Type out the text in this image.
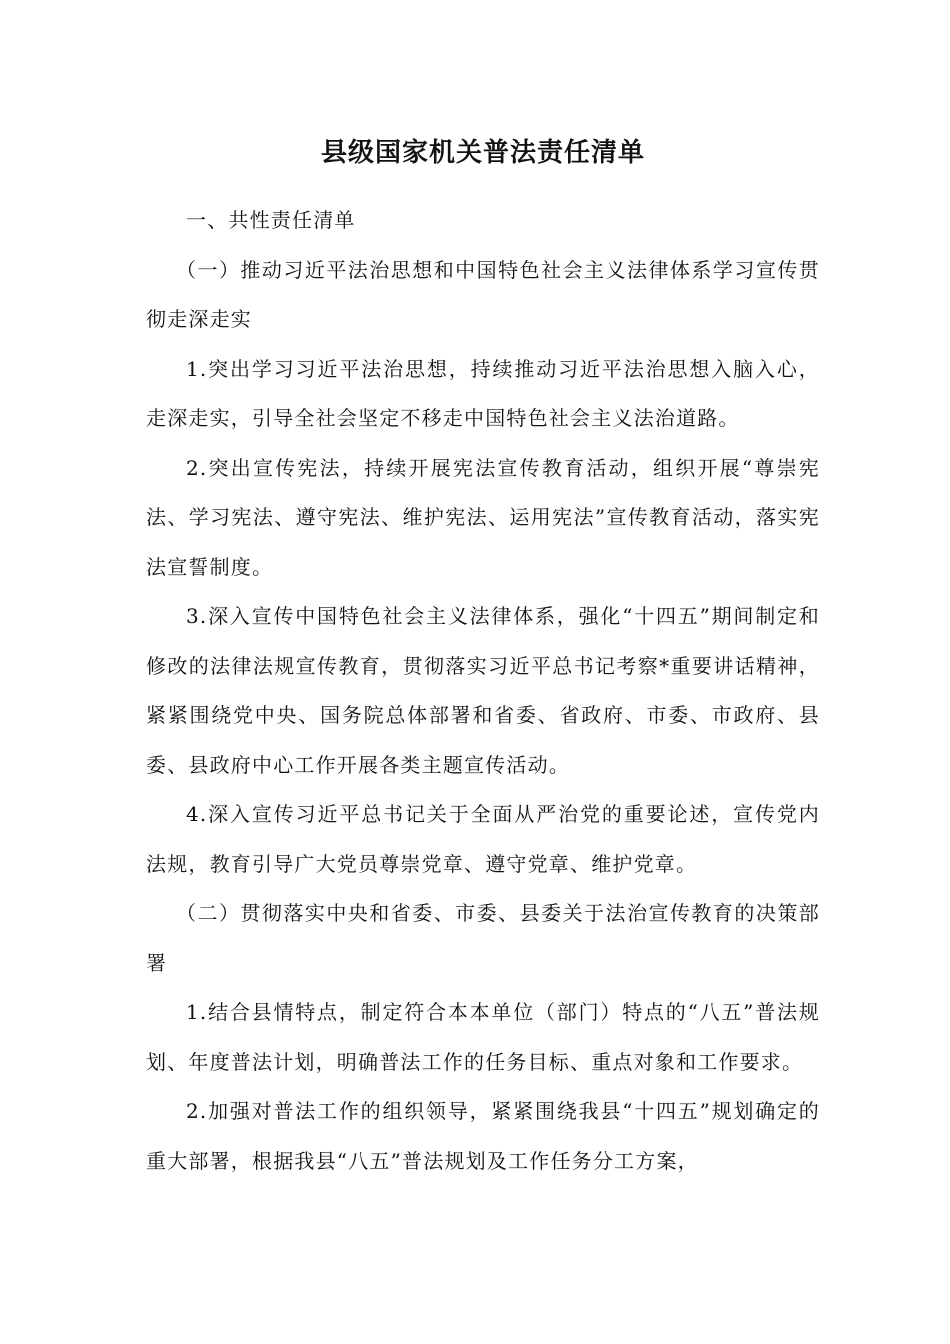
县级国家机关普法责任清单

一、共性责任清单

（一）推动习近平法治思想和中国特色社会主义法律体系学习宣传贯彻走深走实

1.突出学习习近平法治思想，持续推动习近平法治思想入脑入心，走深走实，引导全社会坚定不移走中国特色社会主义法治道路。

2.突出宣传宪法，持续开展宪法宣传教育活动，组织开展“尊崇宪法、学习宪法、遵守宪法、维护宪法、运用宪法”宣传教育活动，落实宪法宣誓制度。

3.深入宣传中国特色社会主义法律体系，强化“十四五”期间制定和修改的法律法规宣传教育，贯彻落实习近平总书记考察*重要讲话精神，紧紧围绕党中央、国务院总体部署和省委、省政府、市委、市政府、县委、县政府中心工作开展各类主题宣传活动。

4.深入宣传习近平总书记关于全面从严治党的重要论述，宣传党内法规，教育引导广大党员尊崇党章、遵守党章、维护党章。

（二）贯彻落实中央和省委、市委、县委关于法治宣传教育的决策部署

1.结合县情特点，制定符合本本单位（部门）特点的“八五”普法规划、年度普法计划，明确普法工作的任务目标、重点对象和工作要求。

2.加强对普法工作的组织领导，紧紧围绕我县“十四五”规划确定的重大部署，根据我县“八五”普法规划及工作任务分工方案，
